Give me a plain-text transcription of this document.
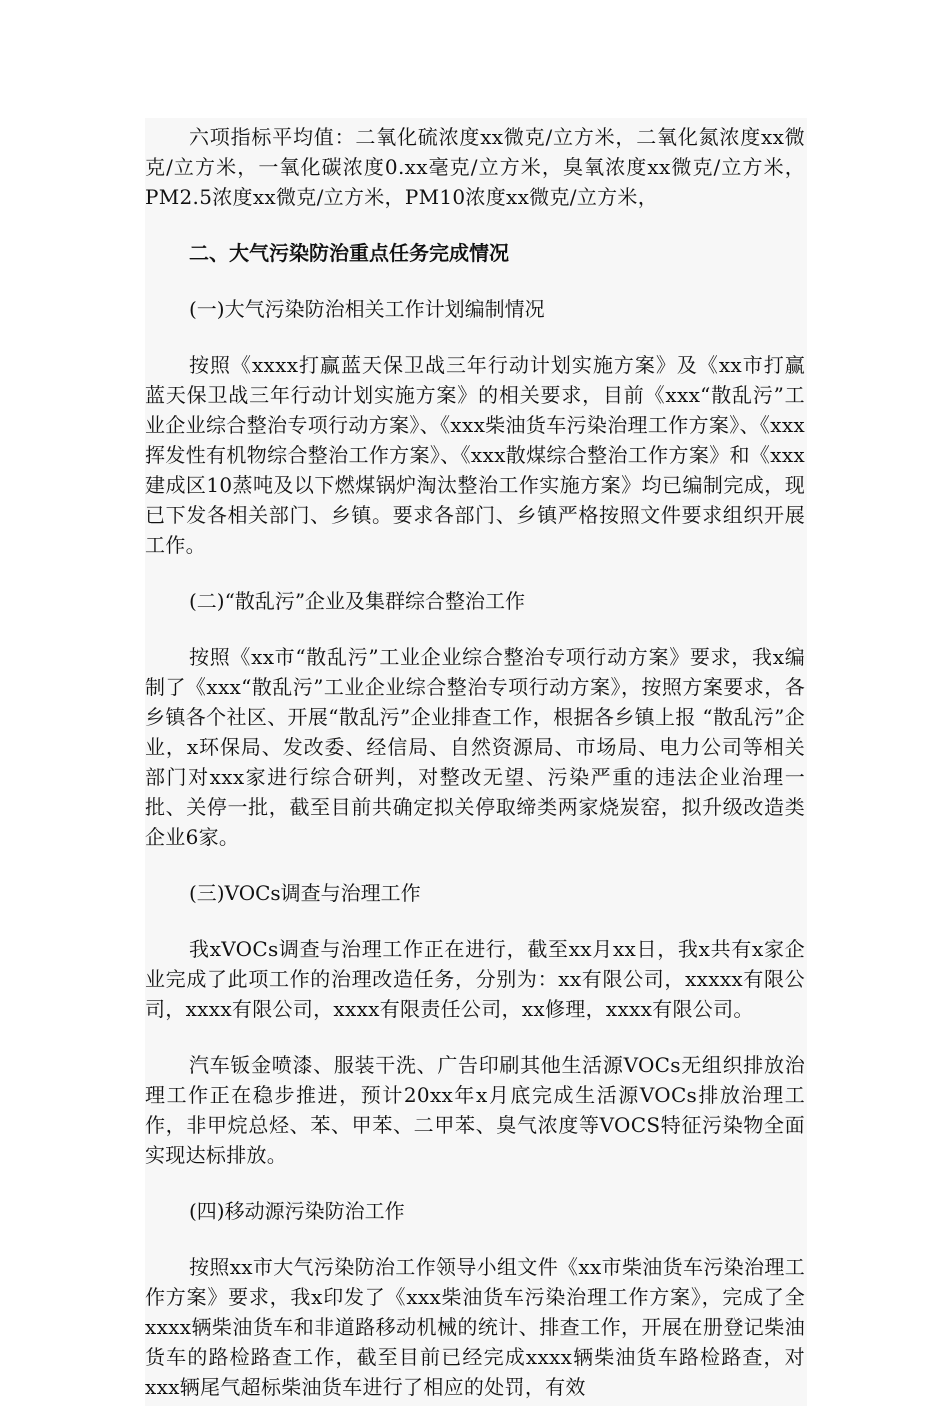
六项指标平均值：二氧化硫浓度xx微克/立方米，二氧化氮浓度xx微克/立方米，一氧化碳浓度0.xx毫克/立方米，臭氧浓度xx微克/立方米，PM2.5浓度xx微克/立方米，PM10浓度xx微克/立方米，

二、大气污染防治重点任务完成情况

(一)大气污染防治相关工作计划编制情况

按照《xxxx打赢蓝天保卫战三年行动计划实施方案》及《xx市打赢蓝天保卫战三年行动计划实施方案》的相关要求，目前《xxx“散乱污”工业企业综合整治专项行动方案》、《xxx柴油货车污染治理工作方案》、《xxx挥发性有机物综合整治工作方案》、《xxx散煤综合整治工作方案》和《xxx建成区10蒸吨及以下燃煤锅炉淘汰整治工作实施方案》均已编制完成，现已下发各相关部门、乡镇。要求各部门、乡镇严格按照文件要求组织开展工作。

(二)“散乱污”企业及集群综合整治工作

按照《xx市“散乱污”工业企业综合整治专项行动方案》要求，我x编制了《xxx“散乱污”工业企业综合整治专项行动方案》，按照方案要求，各乡镇各个社区、开展“散乱污”企业排查工作，根据各乡镇上报 “散乱污”企业，x环保局、发改委、经信局、自然资源局、市场局、电力公司等相关部门对xxx家进行综合研判，对整改无望、污染严重的违法企业治理一批、关停一批，截至目前共确定拟关停取缔类两家烧炭窑，拟升级改造类企业6家。

(三)VOCs调查与治理工作

我xVOCs调查与治理工作正在进行，截至xx月xx日，我x共有x家企业完成了此项工作的治理改造任务，分别为：xx有限公司，xxxxx有限公司，xxxx有限公司，xxxx有限责任公司，xx修理，xxxx有限公司。

汽车钣金喷漆、服装干洗、广告印刷其他生活源VOCs无组织排放治理工作正在稳步推进，预计20xx年x月底完成生活源VOCs排放治理工作，非甲烷总烃、苯、甲苯、二甲苯、臭气浓度等VOCS特征污染物全面实现达标排放。

(四)移动源污染防治工作

按照xx市大气污染防治工作领导小组文件《xx市柴油货车污染治理工作方案》要求，我x印发了《xxx柴油货车污染治理工作方案》，完成了全xxxx辆柴油货车和非道路移动机械的统计、排查工作，开展在册登记柴油货车的路检路查工作，截至目前已经完成xxxx辆柴油货车路检路查，对xxx辆尾气超标柴油货车进行了相应的处罚，有效
